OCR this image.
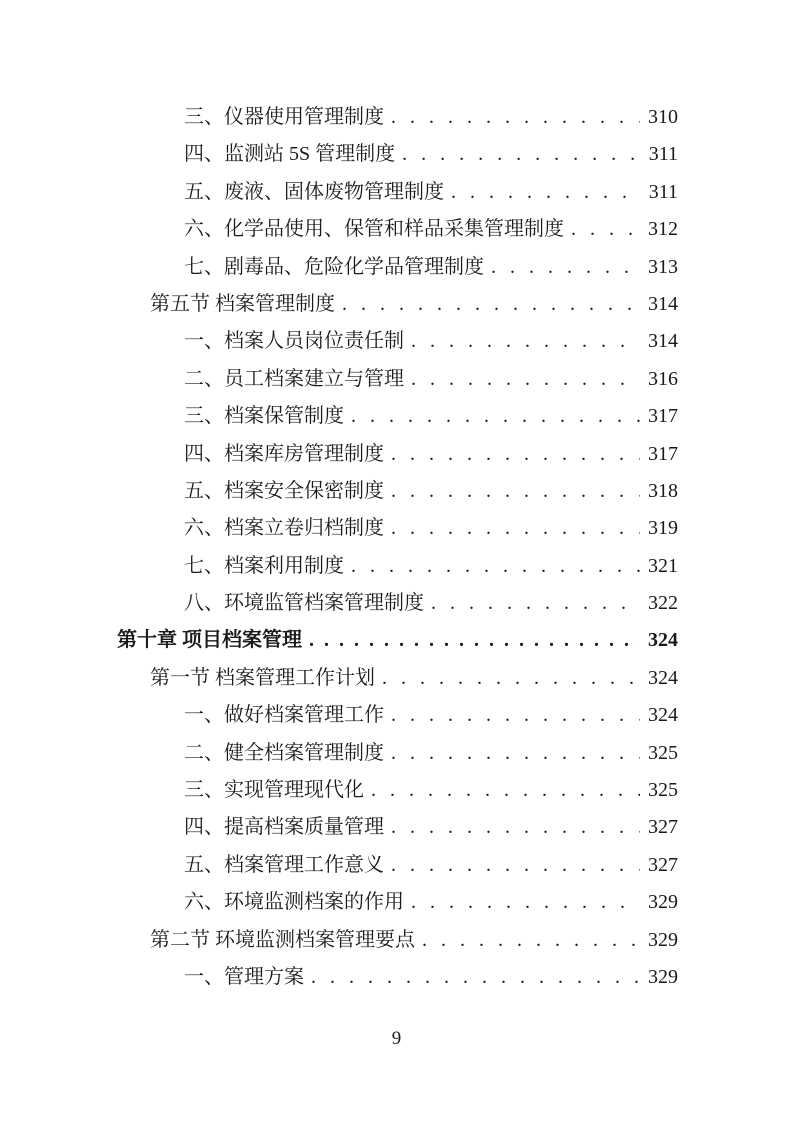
三、仪器使用管理制度 . . .	310
四、监测站 5S 管理制度 . . .	311
五、废液、固体废物管理制度 . . .	311
六、化学品使用、保管和样品采集管理制度 . . .	312
七、剧毒品、危险化学品管理制度 . . .	313
第五节 档案管理制度 . . .	314
一、档案人员岗位责任制 . . .	314
二、员工档案建立与管理 . . .	316
三、档案保管制度 . . .	317
四、档案库房管理制度 . . .	317
五、档案安全保密制度 . . .	318
六、档案立卷归档制度 . . .	319
七、档案利用制度 . . .	321
八、环境监管档案管理制度 . . .	322
第十章 项目档案管理 . . .	324
第一节 档案管理工作计划 . . .	324
一、做好档案管理工作 . . .	324
二、健全档案管理制度 . . .	325
三、实现管理现代化 . . .	325
四、提高档案质量管理 . . .	327
五、档案管理工作意义 . . .	327
六、环境监测档案的作用 . . .	329
第二节 环境监测档案管理要点 . . .	329
一、管理方案 . . .	329
9
